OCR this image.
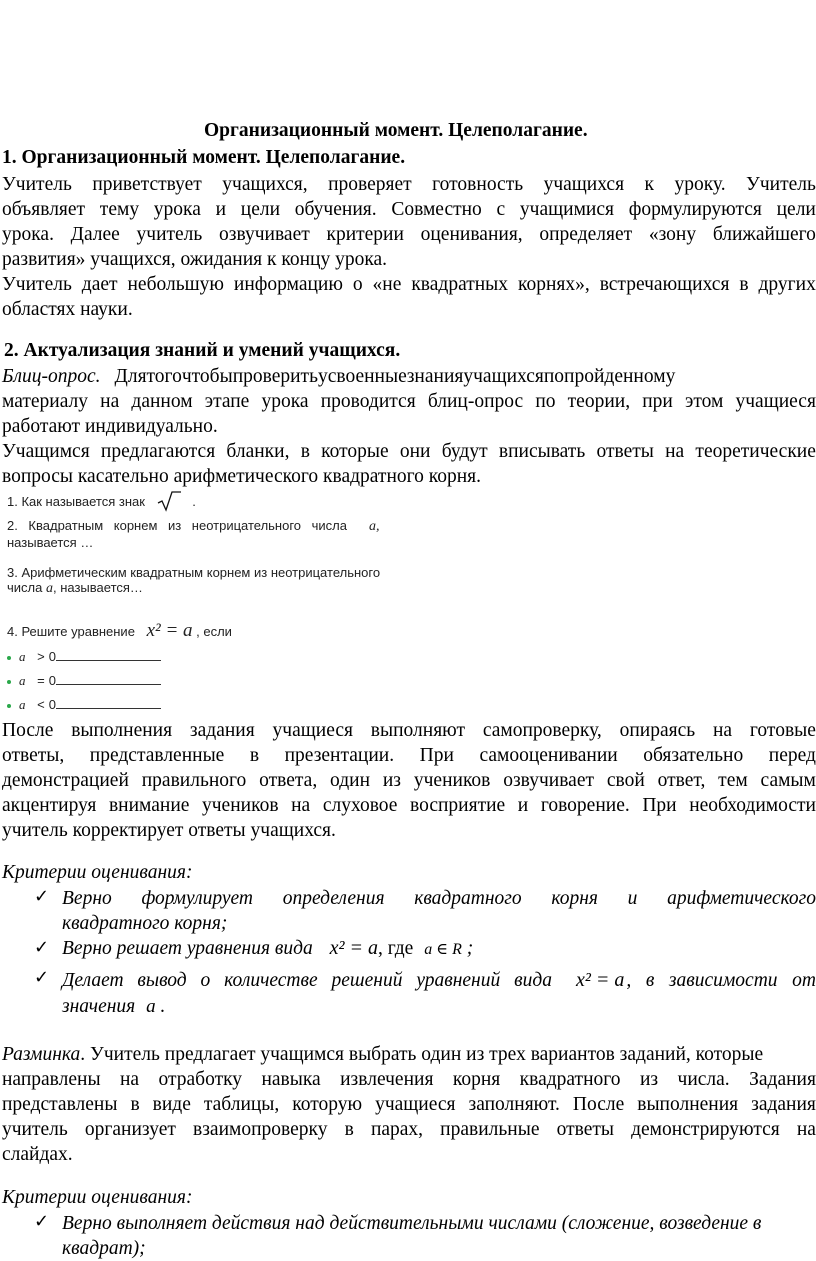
Организационный момент. Целеполагание.
1. Организационный момент. Целеполагание.
Учитель приветствует учащихся, проверяет готовность учащихся к уроку. Учитель
объявляет тему урока и цели обучения. Совместно с учащимися формулируются цели
урока. Далее учитель озвучивает критерии оценивания, определяет «зону ближайшего
развития» учащихся, ожидания к концу урока.
Учитель дает небольшую информацию о «не квадратных корнях», встречающихся в других
областях науки.
2. Актуализация знаний и умений учащихся.
Блиц-опрос. Длятогочтобыпроверитьусвоенныезнанияучащихсяпопройденному
материалу на данном этапе урока проводится блиц-опрос по теории, при этом учащиеся
работают индивидуально.
Учащимся предлагаются бланки, в которые они будут вписывать ответы на теоретические
вопросы касательно арифметического квадратного корня.
1. Как называется знак	.
2. Квадратным корнем из неотрицательного числа a,
называется …
3. Арифметическим квадратным корнем из неотрицательного
числа a, называется…
4. Решите уравнение x² = a , если
a > 0
a = 0
a < 0
После выполнения задания учащиеся выполняют самопроверку, опираясь на готовые
ответы, представленные в презентации. При самооценивании обязательно перед
демонстрацией правильного ответа, один из учеников озвучивает свой ответ, тем самым
акцентируя внимание учеников на слуховое восприятие и говорение. При необходимости
учитель корректирует ответы учащихся.
Критерии оценивания:
✓ Верно формулирует определения квадратного корня и арифметического
квадратного корня;
✓ Верно решает уравнения вида x² = a, где a ∈ R ;
✓ Делает вывод о количестве решений уравнений вида x² = a , в зависимости от
значения a .
Разминка. Учитель предлагает учащимся выбрать один из трех вариантов заданий, которые
направлены на отработку навыка извлечения корня квадратного из числа. Задания
представлены в виде таблицы, которую учащиеся заполняют. После выполнения задания
учитель организует взаимопроверку в парах, правильные ответы демонстрируются на
слайдах.
Критерии оценивания:
✓ Верно выполняет действия над действительными числами (сложение, возведение в
квадрат);
